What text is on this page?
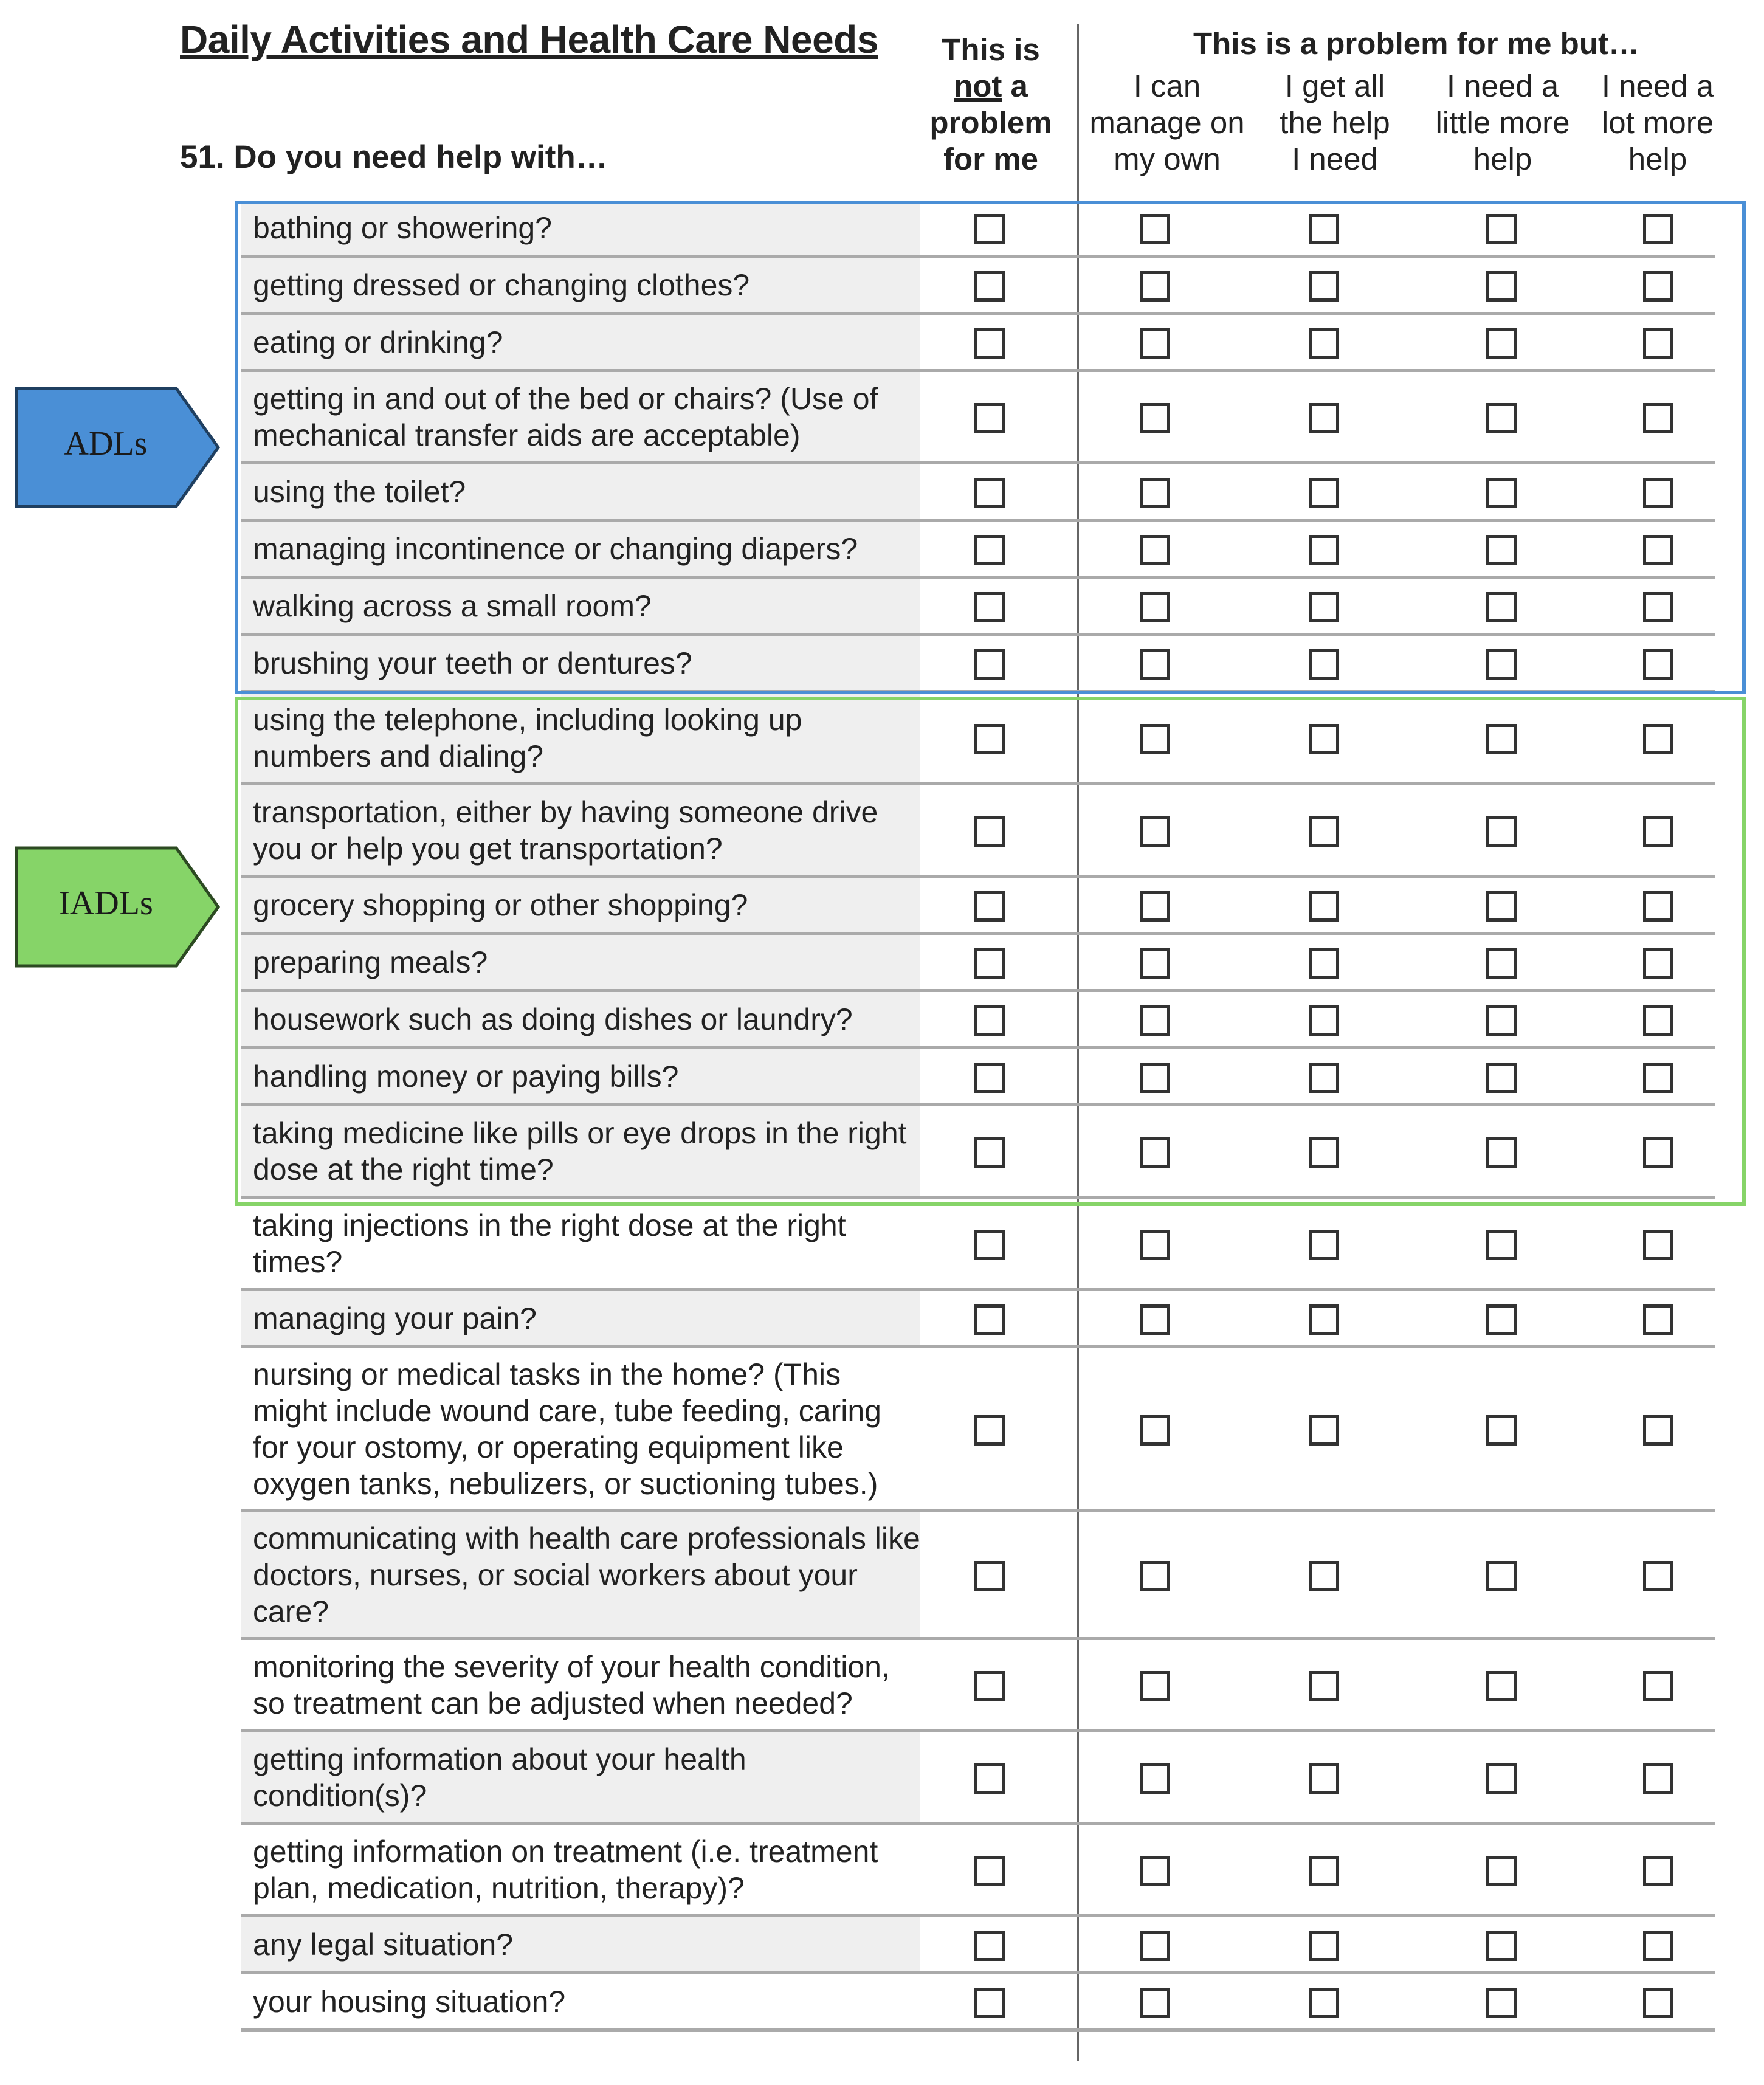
Daily Activities and Health Care Needs
51. Do you need help with…
This is
not a
problem
for me
This is a problem for me but…
I can
manage on
my own
I get all
the help
I need
I need a
little more
help
I need a
lot more
help
bathing or showering?
getting dressed or changing clothes?
eating or drinking?
getting in and out of the bed or chairs? (Use of mechanical transfer aids are acceptable)
using the toilet?
managing incontinence or changing diapers?
walking across a small room?
brushing your teeth or dentures?
using the telephone, including looking up numbers and dialing?
transportation, either by having someone drive you or help you get transportation?
grocery shopping or other shopping?
preparing meals?
housework such as doing dishes or laundry?
handling money or paying bills?
taking medicine like pills or eye drops in the right dose at the right time?
taking injections in the right dose at the right times?
managing your pain?
nursing or medical tasks in the home? (This might include wound care, tube feeding, caring for your ostomy, or operating equipment like oxygen tanks, nebulizers, or suctioning tubes.)
communicating with health care professionals like doctors, nurses, or social workers about your care?
monitoring the severity of your health condition, so treatment can be adjusted when needed?
getting information about your health condition(s)?
getting information on treatment (i.e. treatment plan, medication, nutrition, therapy)?
any legal situation?
your housing situation?
ADLs
IADLs
